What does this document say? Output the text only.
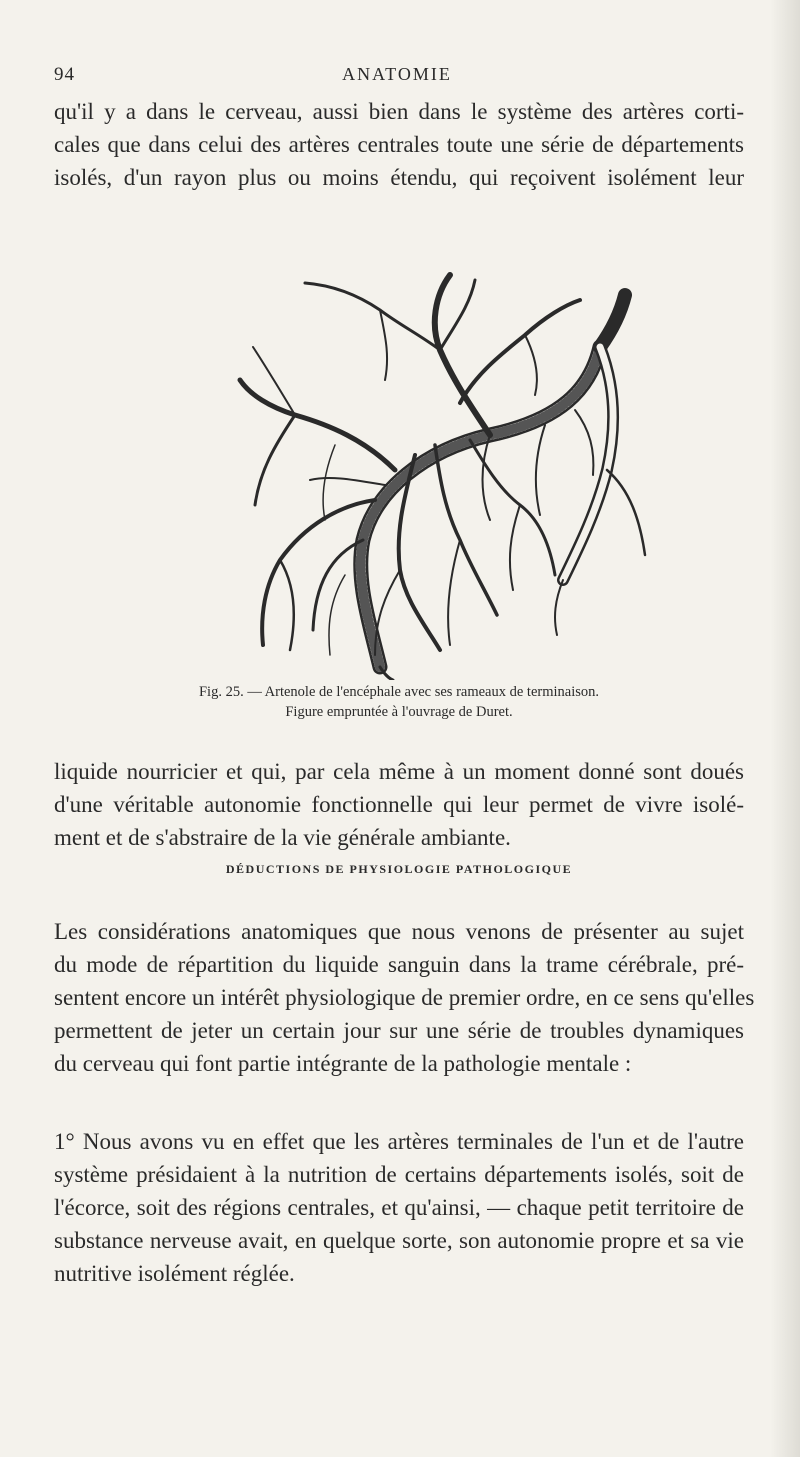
94	ANATOMIE

qu'il y a dans le cerveau, aussi bien dans le système des artères corti-
cales que dans celui des artères centrales toute une série de départements
isolés, d'un rayon plus ou moins étendu, qui reçoivent isolément leur

Fig. 25. — Artenole de l'encéphale avec ses rameaux de terminaison.
Figure empruntée à l'ouvrage de Duret.

liquide nourricier et qui, par cela même à un moment donné sont doués
d'une véritable autonomie fonctionnelle qui leur permet de vivre isolé-
ment et de s'abstraire de la vie générale ambiante.

DÉDUCTIONS DE PHYSIOLOGIE PATHOLOGIQUE

Les considérations anatomiques que nous venons de présenter au sujet
du mode de répartition du liquide sanguin dans la trame cérébrale, pré-
sentent encore un intérêt physiologique de premier ordre, en ce sens qu'elles
permettent de jeter un certain jour sur une série de troubles dynamiques
du cerveau qui font partie intégrante de la pathologie mentale :

1° Nous avons vu en effet que les artères terminales de l'un et de l'autre
système présidaient à la nutrition de certains départements isolés, soit de
l'écorce, soit des régions centrales, et qu'ainsi, — chaque petit territoire de
substance nerveuse avait, en quelque sorte, son autonomie propre et sa vie
nutritive isolément réglée.
